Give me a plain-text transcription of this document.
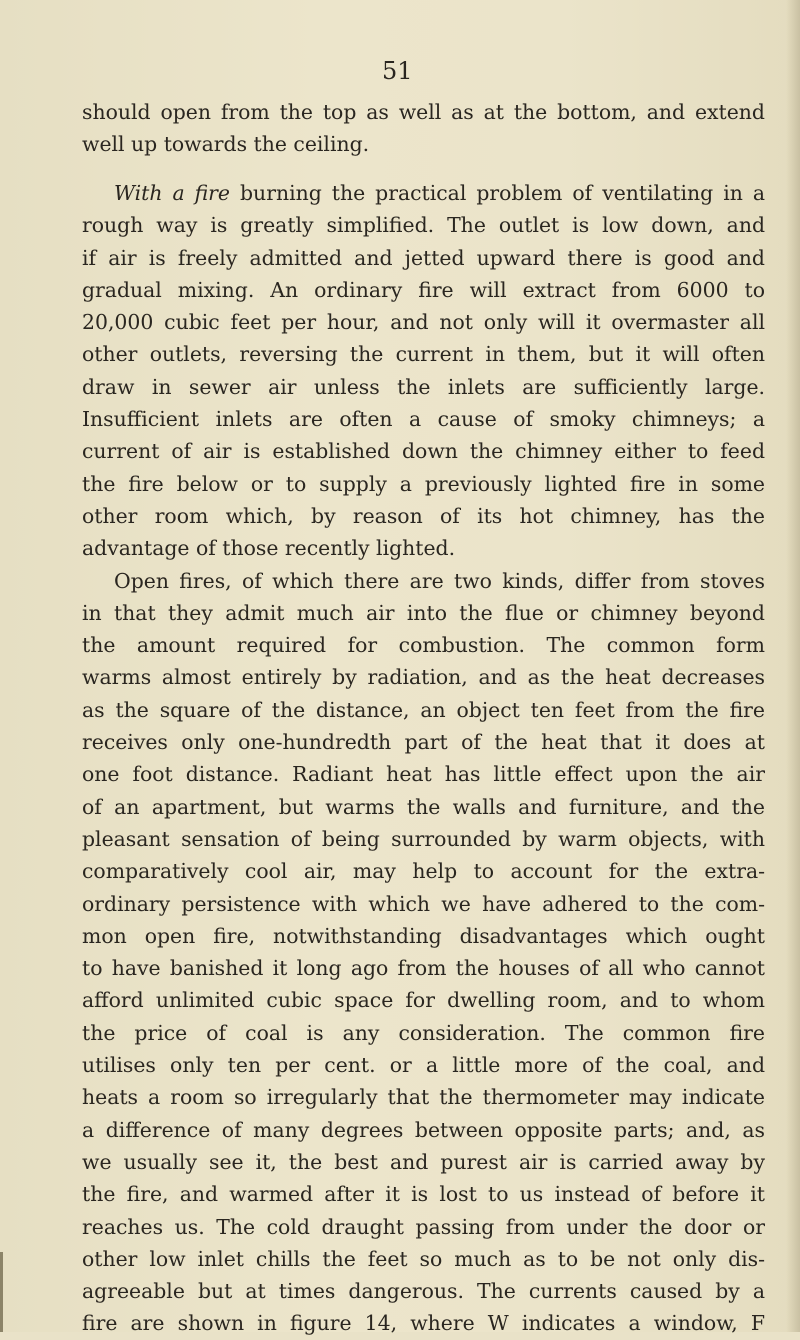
51
should open from the top as well as at the bottom, and extend
well up towards the ceiling.
With a fire burning the practical problem of ventilating in a
rough way is greatly simplified. The outlet is low down, and
if air is freely admitted and jetted upward there is good and
gradual mixing. An ordinary fire will extract from 6000 to
20,000 cubic feet per hour, and not only will it overmaster all
other outlets, reversing the current in them, but it will often
draw in sewer air unless the inlets are sufficiently large.
Insufficient inlets are often a cause of smoky chimneys; a
current of air is established down the chimney either to feed
the fire below or to supply a previously lighted fire in some
other room which, by reason of its hot chimney, has the
advantage of those recently lighted.
Open fires, of which there are two kinds, differ from stoves
in that they admit much air into the flue or chimney beyond
the amount required for combustion. The common form
warms almost entirely by radiation, and as the heat decreases
as the square of the distance, an object ten feet from the fire
receives only one-hundredth part of the heat that it does at
one foot distance. Radiant heat has little effect upon the air
of an apartment, but warms the walls and furniture, and the
pleasant sensation of being surrounded by warm objects, with
comparatively cool air, may help to account for the extra-
ordinary persistence with which we have adhered to the com-
mon open fire, notwithstanding disadvantages which ought
to have banished it long ago from the houses of all who cannot
afford unlimited cubic space for dwelling room, and to whom
the price of coal is any consideration. The common fire
utilises only ten per cent. or a little more of the coal, and
heats a room so irregularly that the thermometer may indicate
a difference of many degrees between opposite parts; and, as
we usually see it, the best and purest air is carried away by
the fire, and warmed after it is lost to us instead of before it
reaches us. The cold draught passing from under the door or
other low inlet chills the feet so much as to be not only dis-
agreeable but at times dangerous. The currents caused by a
fire are shown in figure 14, where W indicates a window, F
